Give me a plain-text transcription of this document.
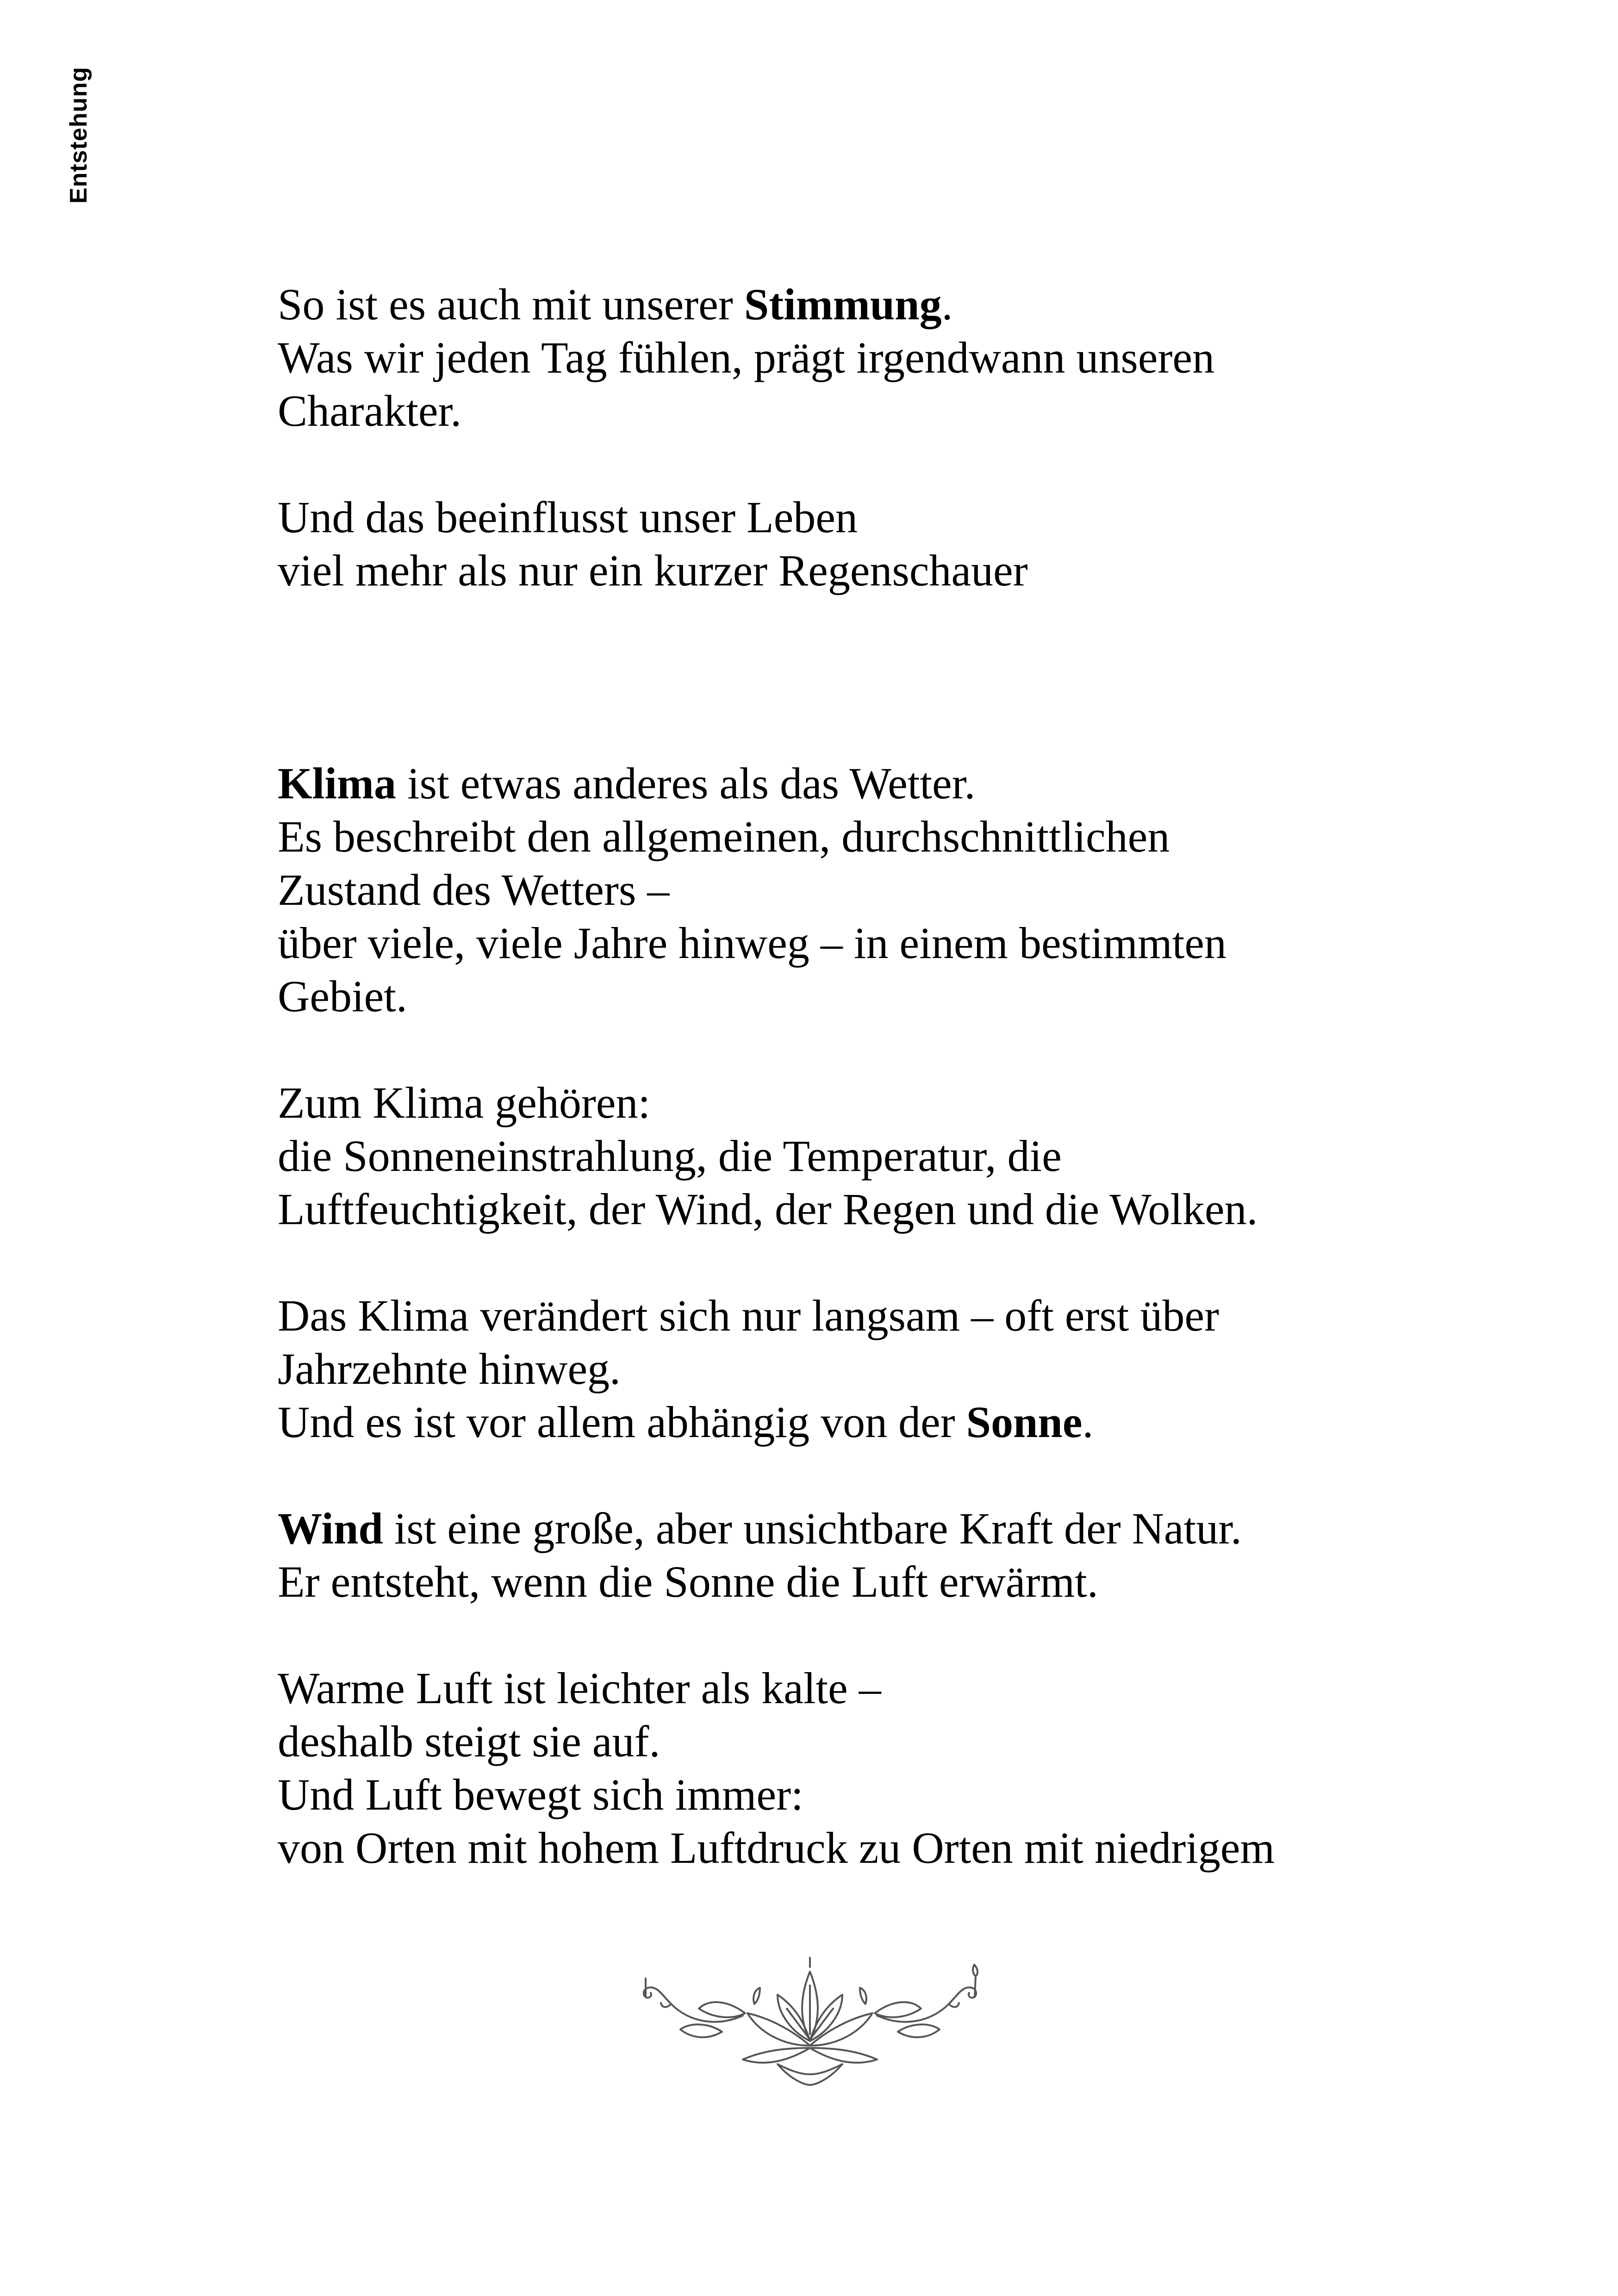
Entstehung
So ist es auch mit unserer Stimmung.
Was wir jeden Tag fühlen, prägt irgendwann unseren
Charakter.
Und das beeinflusst unser Leben
viel mehr als nur ein kurzer Regenschauer
Klima ist etwas anderes als das Wetter.
Es beschreibt den allgemeinen, durchschnittlichen
Zustand des Wetters –
über viele, viele Jahre hinweg – in einem bestimmten
Gebiet.
Zum Klima gehören:
die Sonneneinstrahlung, die Temperatur, die
Luftfeuchtigkeit, der Wind, der Regen und die Wolken.
Das Klima verändert sich nur langsam – oft erst über
Jahrzehnte hinweg.
Und es ist vor allem abhängig von der Sonne.
Wind ist eine große, aber unsichtbare Kraft der Natur.
Er entsteht, wenn die Sonne die Luft erwärmt.
Warme Luft ist leichter als kalte –
deshalb steigt sie auf.
Und Luft bewegt sich immer:
von Orten mit hohem Luftdruck zu Orten mit niedrigem
